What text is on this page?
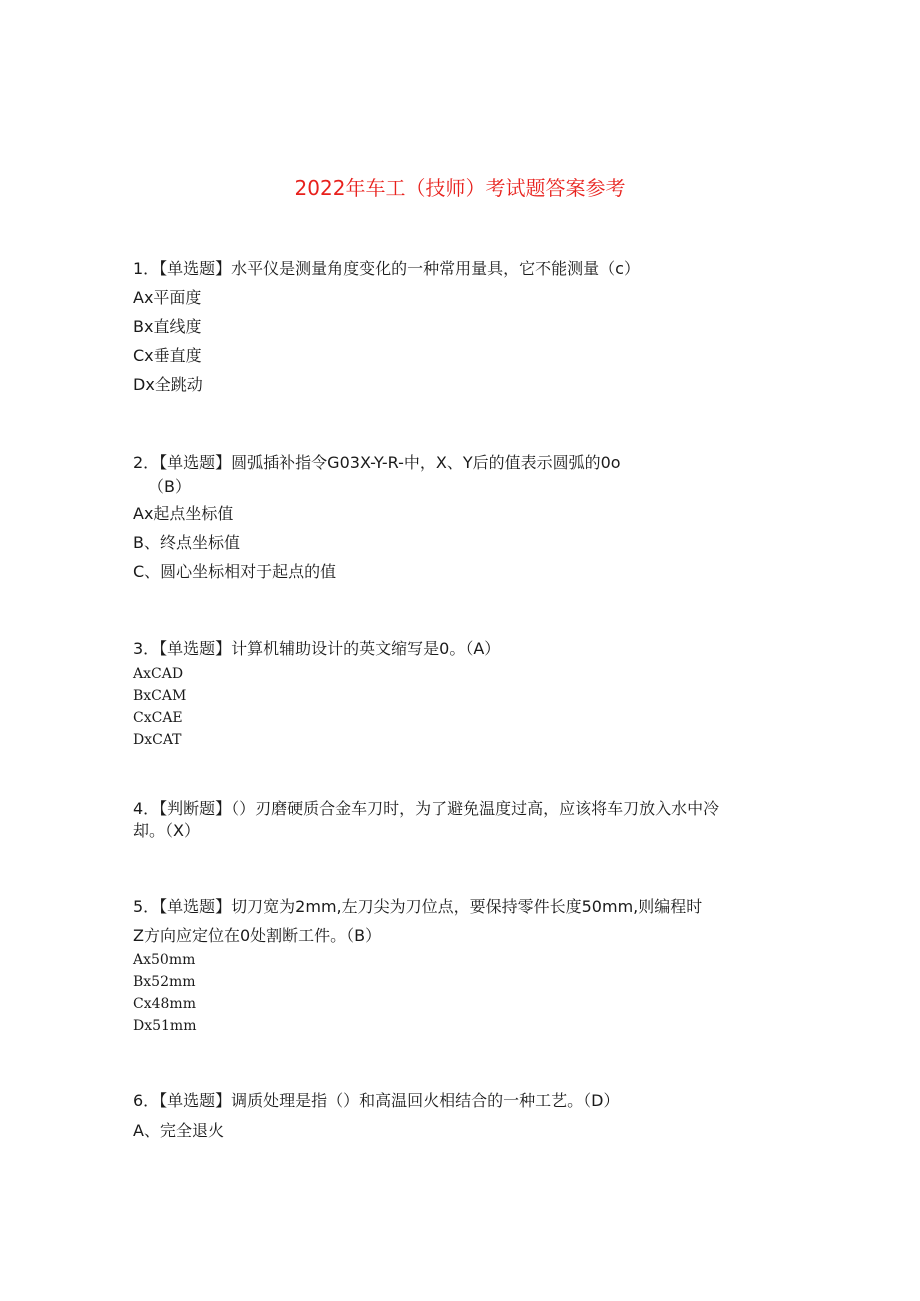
2022年车工（技师）考试题答案参考
1．【单选题】水平仪是测量角度变化的一种常用量具，它不能测量（c）
Ax平面度
Bx直线度
Cx垂直度
Dx全跳动
2．【单选题】圆弧插补指令G03X-Y-R-中，X、Y后的值表示圆弧的0o
（B）
Ax起点坐标值
B、终点坐标值
C、圆心坐标相对于起点的值
3．【单选题】计算机辅助设计的英文缩写是0。（A）
AxCAD
BxCAM
CxCAE
DxCAT
4．【判断题】（）刃磨硬质合金车刀时，为了避免温度过高，应该将车刀放入水中冷
却。（X）
5．【单选题】切刀宽为2mm,左刀尖为刀位点，要保持零件长度50mm,则编程时
Z方向应定位在0处割断工件。（B）
Ax50mm
Bx52mm
Cx48mm
Dx51mm
6．【单选题】调质处理是指（）和高温回火相结合的一种工艺。（D）
A、完全退火
